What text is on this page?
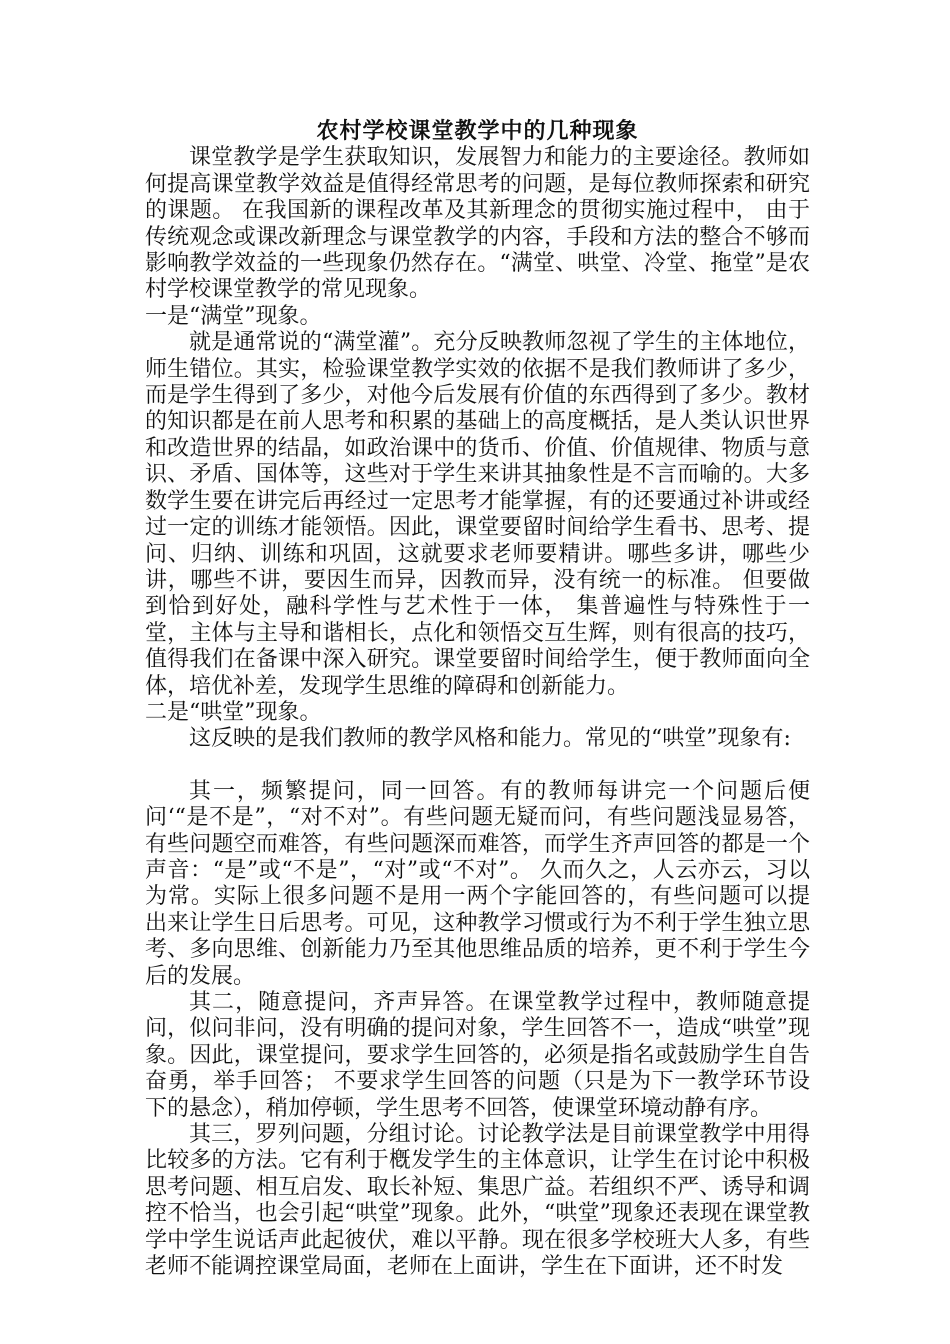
农村学校课堂教学中的几种现象

课堂教学是学生获取知识，发展智力和能力的主要途径。教师如何提高课堂教学效益是值得经常思考的问题，是每位教师探索和研究的课题。 在我国新的课程改革及其新理念的贯彻实施过程中， 由于传统观念或课改新理念与课堂教学的内容，手段和方法的整合不够而影响教学效益的一些现象仍然存在。“满堂、哄堂、冷堂、拖堂”是农村学校课堂教学的常见现象。

一是“满堂”现象。

就是通常说的“满堂灌”。充分反映教师忽视了学生的主体地位，师生错位。其实，检验课堂教学实效的依据不是我们教师讲了多少，而是学生得到了多少，对他今后发展有价值的东西得到了多少。教材的知识都是在前人思考和积累的基础上的高度概括，是人类认识世界和改造世界的结晶，如政治课中的货币、价值、价值规律、物质与意识、矛盾、国体等，这些对于学生来讲其抽象性是不言而喻的。大多数学生要在讲完后再经过一定思考才能掌握，有的还要通过补讲或经过一定的训练才能领悟。因此，课堂要留时间给学生看书、思考、提问、归纳、训练和巩固，这就要求老师要精讲。哪些多讲，哪些少讲，哪些不讲，要因生而异，因教而异，没有统一的标准。 但要做到恰到好处，融科学性与艺术性于一体， 集普遍性与特殊性于一堂，主体与主导和谐相长，点化和领悟交互生辉，则有很高的技巧，值得我们在备课中深入研究。课堂要留时间给学生，便于教师面向全体，培优补差，发现学生思维的障碍和创新能力。

二是“哄堂”现象。

这反映的是我们教师的教学风格和能力。常见的“哄堂”现象有:

其一，频繁提问，同一回答。有的教师每讲完一个问题后便问‘“是不是”，“对不对”。有些问题无疑而问，有些问题浅显易答，有些问题空而难答，有些问题深而难答，而学生齐声回答的都是一个声音：“是”或“不是”，“对”或“不对”。 久而久之，人云亦云，习以为常。实际上很多问题不是用一两个字能回答的，有些问题可以提 出来让学生日后思考。可见，这种教学习惯或行为不利于学生独立思考、多向思维、创新能力乃至其他思维品质的培养，更不利于学生今后的发展。

其二，随意提问，齐声异答。在课堂教学过程中，教师随意提问，似问非问，没有明确的提问对象，学生回答不一，造成“哄堂”现象。因此，课堂提问，要求学生回答的，必须是指名或鼓励学生自告奋勇，举手回答； 不要求学生回答的问题（只是为下一教学环节设下的悬念），稍加停顿，学生思考不回答，使课堂环境动静有序。

其三，罗列问题，分组讨论。讨论教学法是目前课堂教学中用得比较多的方法。它有利于槪发学生的主体意识，让学生在讨论中积极思考问题、相互启发、取长补短、集思广益。若组织不严、诱导和调控不恰当，也会引起“哄堂”现象。此外，“哄堂”现象还表现在课堂教学中学生说话声此起彼伏，难以平静。现在很多学校班大人多，有些老师不能调控课堂局面，老师在上面讲，学生在下面讲，还不时发
